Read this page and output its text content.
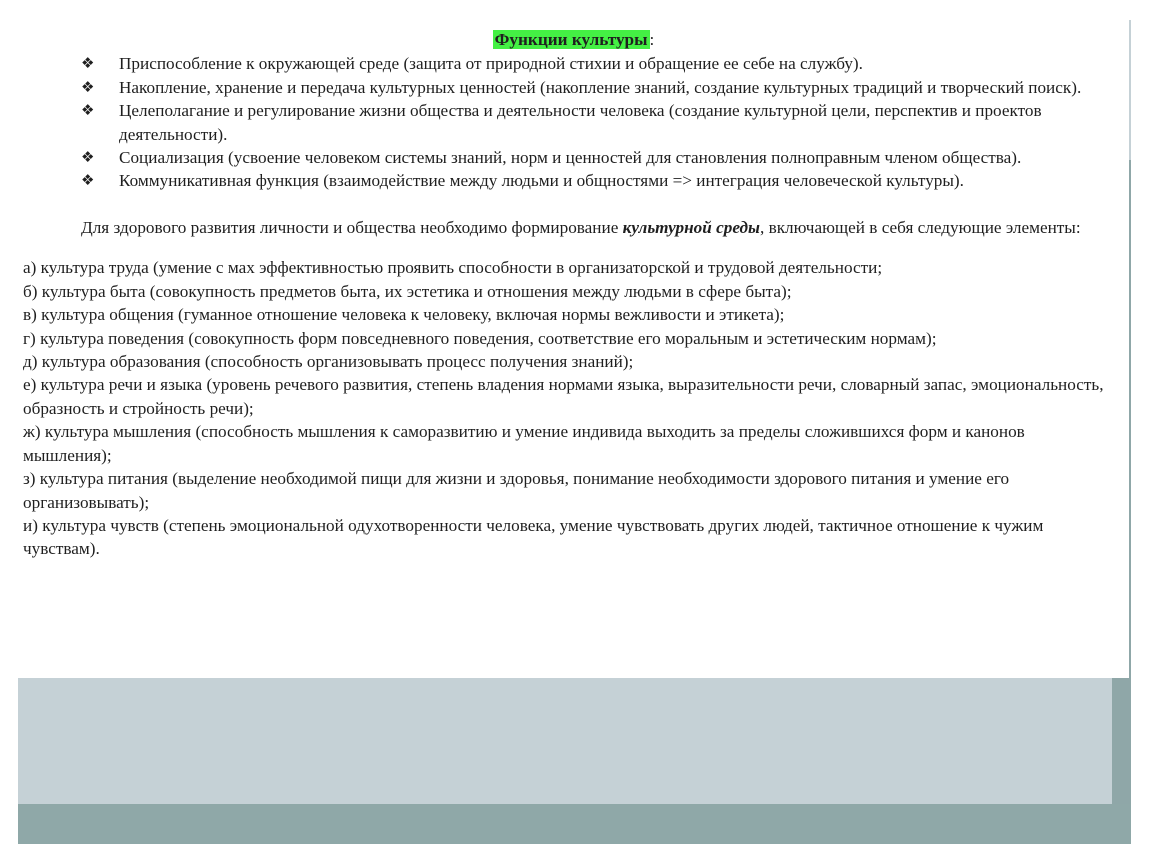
Функции культуры :

❖ Приспособление к окружающей среде (защита от природной стихии и обращение ее себе на службу).
❖ Накопление, хранение и передача культурных ценностей (накопление знаний, создание культурных традиций и творческий поиск).
❖ Целеполагание и регулирование жизни общества и деятельности человека (создание культурной цели, перспектив и проектов деятельности).
❖ Социализация (усвоение человеком системы знаний, норм и ценностей для становления полноправным членом общества).
❖ Коммуникативная функция (взаимодействие между людьми и общностями => интеграция человеческой культуры).

Для здорового развития личности и общества необходимо формирование культурной среды, включающей в себя следующие элементы:

а) культура труда (умение с мах эффективностью проявить способности в организаторской и трудовой деятельности;
б) культура быта (совокупность предметов быта, их эстетика и отношения между людьми в сфере быта);
в) культура общения (гуманное отношение человека к человеку, включая нормы вежливости и этикета);
г) культура поведения (совокупность форм повседневного поведения, соответствие его моральным и эстетическим нормам);
д) культура образования (способность организовывать процесс получения знаний);
е) культура речи и языка (уровень речевого развития, степень владения нормами языка, выразительности речи, словарный запас, эмоциональность, образность и стройность речи);
ж) культура мышления (способность мышления к саморазвитию и умение индивида выходить за пределы сложившихся форм и канонов мышления);
з) культура питания (выделение необходимой пищи для жизни и здоровья, понимание необходимости здорового питания и умение его организовывать);
и) культура чувств (степень эмоциональной одухотворенности человека, умение чувствовать других людей, тактичное отношение к чужим чувствам).
